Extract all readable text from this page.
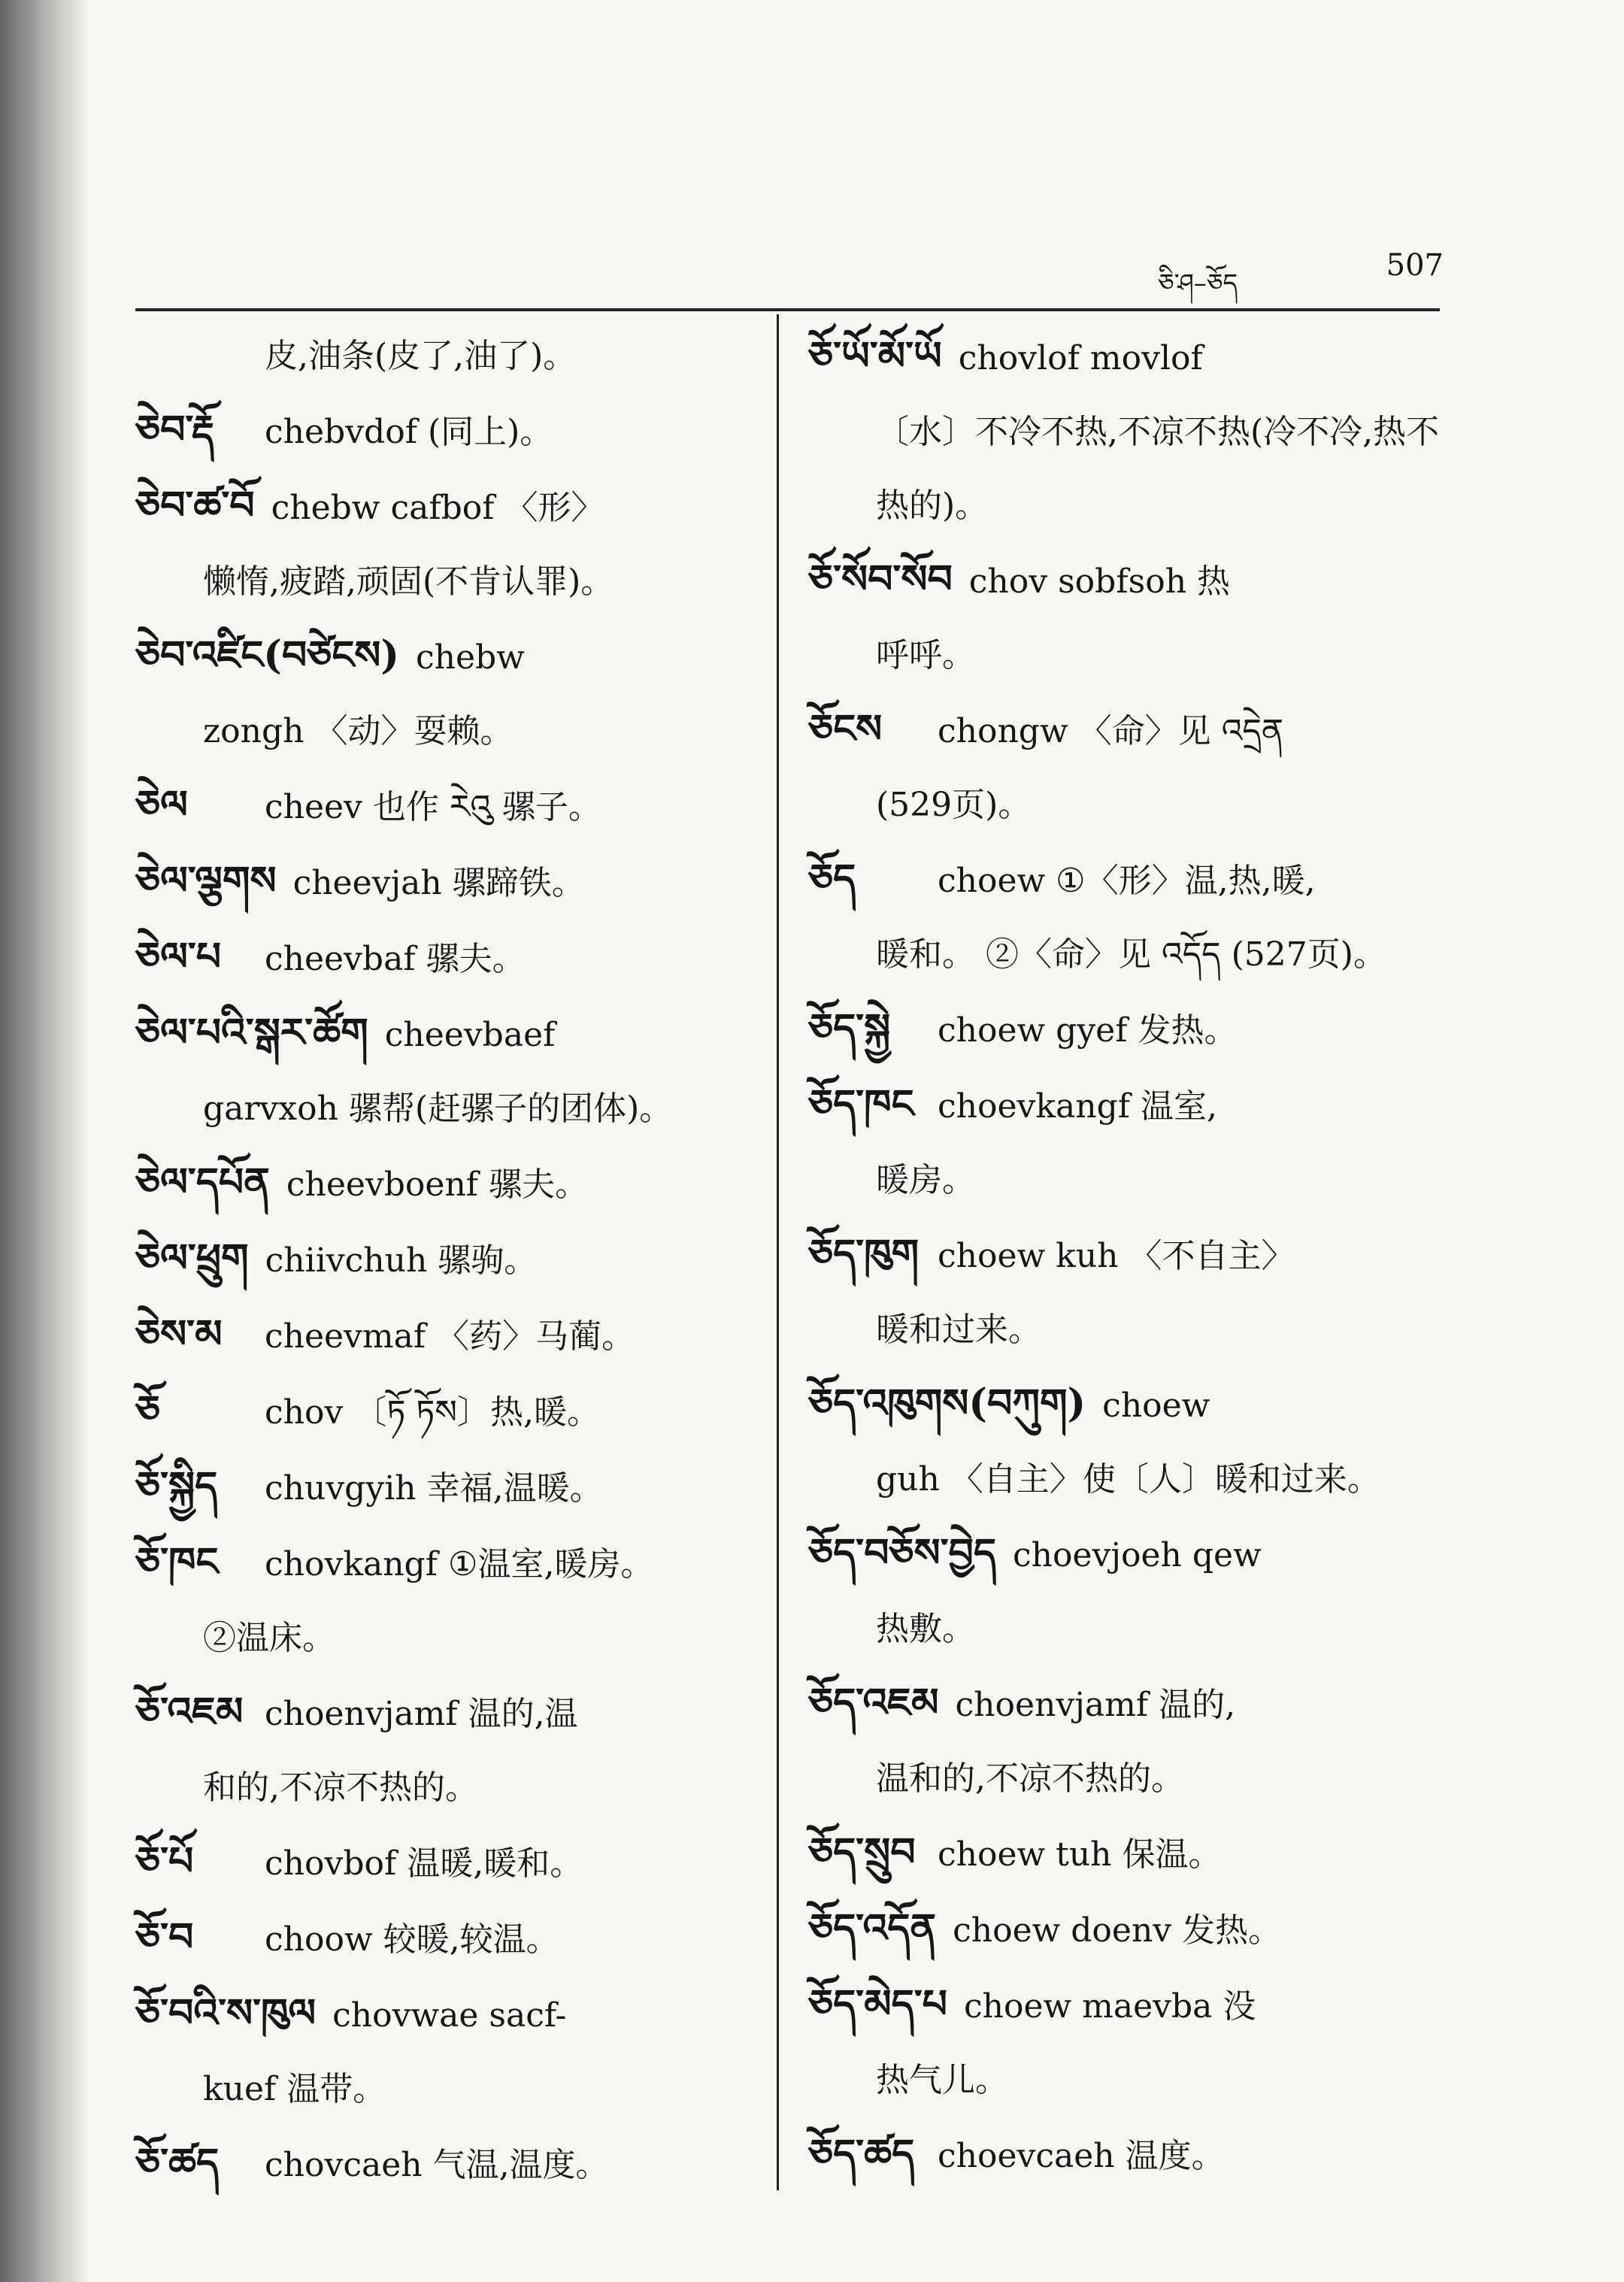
ཅི་ཤ–ཅོད
507
皮,油条(皮了,油了)。
ཅེབ་རྡོ chebvdof (同上)。
ཅེབ་ཚ་བོ chebw cafbof 〈形〉
懒惰,疲踏,顽固(不肯认罪)。
ཅེབ་འཛིང(བཙེངས) chebw
zongh 〈动〉耍赖。
ཅེལ cheev 也作 རེའུ 骡子。
ཅེལ་ལྕགས cheevjah 骡蹄铁。
ཅེལ་པ cheevbaf 骡夫。
ཅེལ་པའི་སྒར་ཚོག cheevbaef
garvxoh 骡帮(赶骡子的团体)。
ཅེལ་དཔོན cheevboenf 骡夫。
ཅེལ་ཕྲུག chiivchuh 骡驹。
ཅེས་མ cheevmaf 〈药〉马蔺。
ཅོ	chov 〔ཏོ ཏོས〕热,暖。
ཅོ་སྐྱིད chuvgyih 幸福,温暖。
ཅོ་ཁང chovkangf ①温室,暖房。
②温床。
ཅོ་འཇམ choenvjamf 温的,温
和的,不凉不热的。
ཅོ་པོ chovbof 温暖,暖和。
ཅོ་བ choow 较暖,较温。
ཅོ་བའི་ས་ཁུལ chovwae sacf-
kuef 温带。
ཅོ་ཚད chovcaeh 气温,温度。
ཅོ་ཡོ་མོ་ཡོ chovlof movlof
〔水〕不冷不热,不凉不热(冷不冷,热不热的)。
ཅོ་སོབ་སོབ chov sobfsoh 热
呼呼。
ཅོངས chongw 〈命〉见 འདྲེན
(529页)。
ཅོད choew ①〈形〉温,热,暖,
暖和。 ②〈命〉见 འདོད (527页)。
ཅོད་སྐྱེ choew gyef 发热。
ཅོད་ཁང choevkangf 温室,
暖房。
ཅོད་ཁུག choew kuh 〈不自主〉
暖和过来。
ཅོད་འཁུགས(བཀུག) choew
guh 〈自主〉使〔人〕暖和过来。
ཅོད་བཅོས་བྱེད choevjoeh qew
热敷。
ཅོད་འཇམ choenvjamf 温的,
温和的,不凉不热的。
ཅོད་སྲུབ choew tuh 保温。
ཅོད་འདོན choew doenv 发热。
ཅོད་མེད་པ choew maevba 没
热气儿。
ཅོད་ཚད choevcaeh 温度。
